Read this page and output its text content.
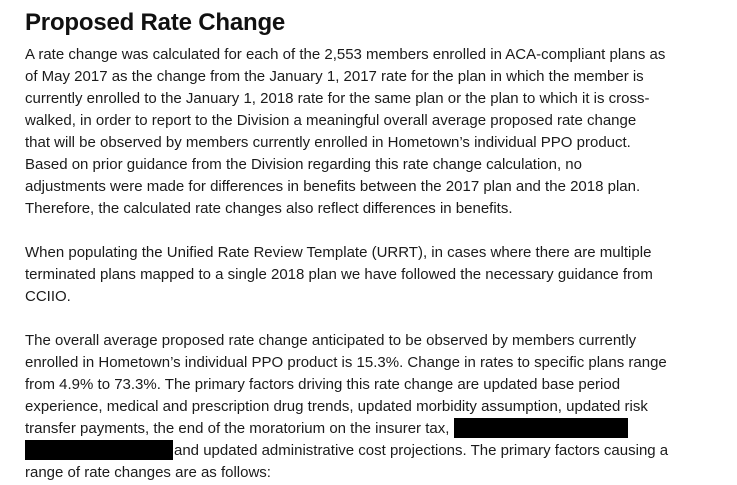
Proposed Rate Change
A rate change was calculated for each of the 2,553 members enrolled in ACA-compliant plans as
of May 2017 as the change from the January 1, 2017 rate for the plan in which the member is
currently enrolled to the January 1, 2018 rate for the same plan or the plan to which it is cross-
walked, in order to report to the Division a meaningful overall average proposed rate change
that will be observed by members currently enrolled in Hometown’s individual PPO product.
Based on prior guidance from the Division regarding this rate change calculation, no
adjustments were made for differences in benefits between the 2017 plan and the 2018 plan.
Therefore, the calculated rate changes also reflect differences in benefits.
When populating the Unified Rate Review Template (URRT), in cases where there are multiple
terminated plans mapped to a single 2018 plan we have followed the necessary guidance from
CCIIO.
The overall average proposed rate change anticipated to be observed by members currently
enrolled in Hometown’s individual PPO product is 15.3%. Change in rates to specific plans range
from 4.9% to 73.3%. The primary factors driving this rate change are updated base period
experience, medical and prescription drug trends, updated morbidity assumption, updated risk
transfer payments, the end of the moratorium on the insurer tax,
and updated administrative cost projections. The primary factors causing a
range of rate changes are as follows:
